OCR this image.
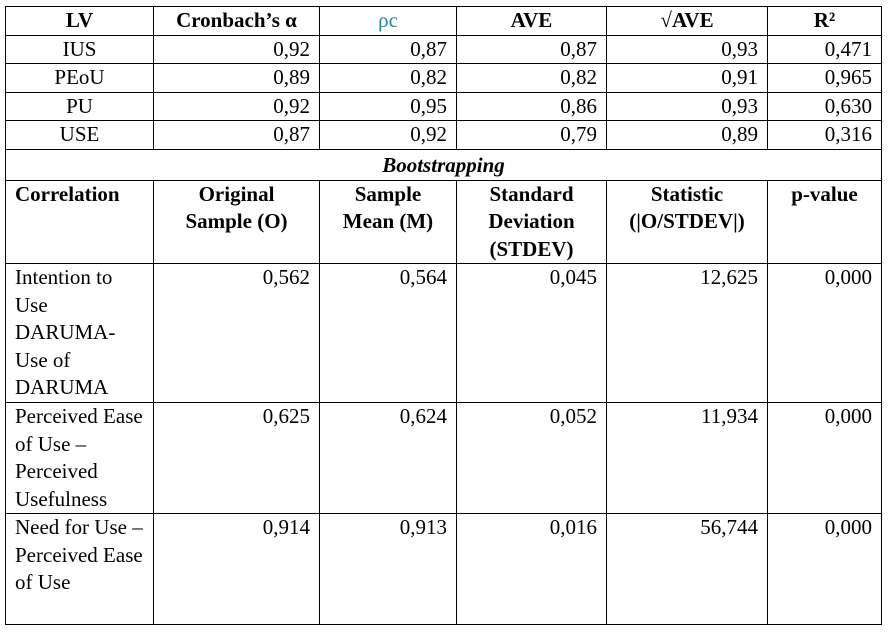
LV	Cronbach’s α	ρc	AVE	√AVE	R²
IUS	0,92	0,87	0,87	0,93	0,471
PEoU	0,89	0,82	0,82	0,91	0,965
PU	0,92	0,95	0,86	0,93	0,630
USE	0,87	0,92	0,79	0,89	0,316
Bootstrapping					
Correlation	Original Sample (O)	Sample Mean (M)	Standard Deviation (STDEV)	Statistic (|O/STDEV|)	p-value
Intention to Use DARUMA- Use of DARUMA	0,562	0,564	0,045	12,625	0,000
Perceived Ease of Use – Perceived Usefulness	0,625	0,624	0,052	11,934	0,000
Need for Use – Perceived Ease of Use	0,914	0,913	0,016	56,744	0,000
